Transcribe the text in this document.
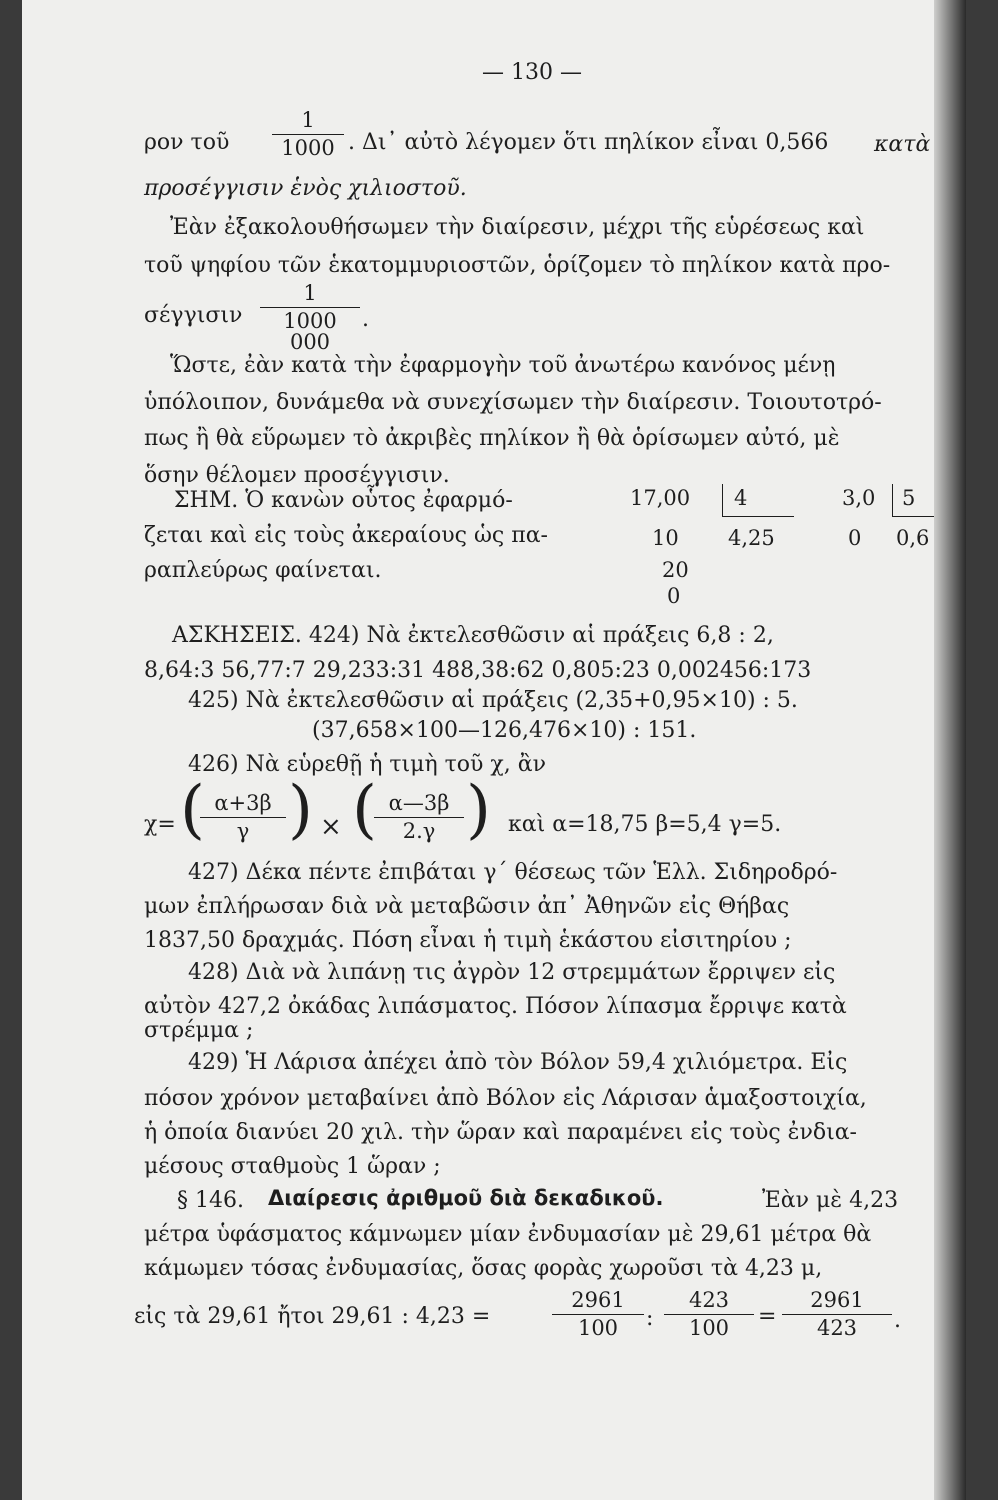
— 130 —
ρον τοῦ
1
1000 . Δι᾽ αὐτὸ λέγομεν ὅτι πηλίκον εἶναι 0,566 κατὰ
προσέγγισιν ἑνὸς χιλιοστοῦ.
Ἐὰν ἐξακολουθήσωμεν τὴν διαίρεσιν, μέχρι τῆς εὑρέσεως καὶ
τοῦ ψηφίου τῶν ἑκατομμυριοστῶν, ὁρίζομεν τὸ πηλίκον κατὰ προ-
σέγγισιν
1
1000 000
.
Ὥστε, ἐὰν κατὰ τὴν ἐφαρμογὴν τοῦ ἀνωτέρω κανόνος μένῃ
ὑπόλοιπον, δυνάμεθα νὰ συνεχίσωμεν τὴν διαίρεσιν. Τοιουτοτρό-
πως ἢ θὰ εὕρωμεν τὸ ἀκριβὲς πηλίκον ἢ θὰ ὁρίσωμεν αὐτό, μὲ
ὅσην θέλομεν προσέγγισιν.
ΣΗΜ. Ὁ κανὼν οὗτος ἐφαρμό-
ζεται καὶ εἰς τοὺς ἀκεραίους ὡς πα-
ραπλεύρως φαίνεται.
17,00 4
10 4,25
20
0
3,0 5
0 0,6
ΑΣΚΗΣΕΙΣ. 424) Νὰ ἐκτελεσθῶσιν αἱ πράξεις 6,8 : 2,
8,64:3 56,77:7 29,233:31 488,38:62 0,805:23 0,002456:173
425) Νὰ ἐκτελεσθῶσιν αἱ πράξεις (2,35+0,95×10) : 5.
(37,658×100—126,476×10) : 151.
426) Νὰ εὑρεθῇ ἡ τιμὴ τοῦ χ, ἂν
χ= ( α+3β
γ ) × ( α—3β
2.γ ) καὶ α=18,75 β=5,4 γ=5.
427) Δέκα πέντε ἐπιβάται γ΄ θέσεως τῶν Ἑλλ. Σιδηροδρό-
μων ἐπλήρωσαν διὰ νὰ μεταβῶσιν ἀπ᾽ Ἀθηνῶν εἰς Θήβας
1837,50 δραχμάς. Πόση εἶναι ἡ τιμὴ ἑκάστου εἰσιτηρίου ;
428) Διὰ νὰ λιπάνῃ τις ἀγρὸν 12 στρεμμάτων ἔρριψεν εἰς
αὐτὸν 427,2 ὀκάδας λιπάσματος. Πόσον λίπασμα ἔρριψε κατὰ
στρέμμα ;
429) Ἡ Λάρισα ἀπέχει ἀπὸ τὸν Βόλον 59,4 χιλιόμετρα. Εἰς
πόσον χρόνον μεταβαίνει ἀπὸ Βόλον εἰς Λάρισαν ἁμαξοστοιχία,
ἡ ὁποία διανύει 20 χιλ. τὴν ὥραν καὶ παραμένει εἰς τοὺς ἐνδια-
μέσους σταθμοὺς 1 ὥραν ;
§ 146. Διαίρεσις ἀριθμοῦ διὰ δεκαδικοῦ.	Ἐὰν μὲ 4,23
μέτρα ὑφάσματος κάμνωμεν μίαν ἐνδυμασίαν μὲ 29,61 μέτρα θὰ
κάμωμεν τόσας ἐνδυμασίας, ὅσας φορὰς χωροῦσι τὰ 4,23 μ,
εἰς τὰ 29,61 ἤτοι 29,61 : 4,23 =
2961
100	:
423
100	=
2961
423	.
